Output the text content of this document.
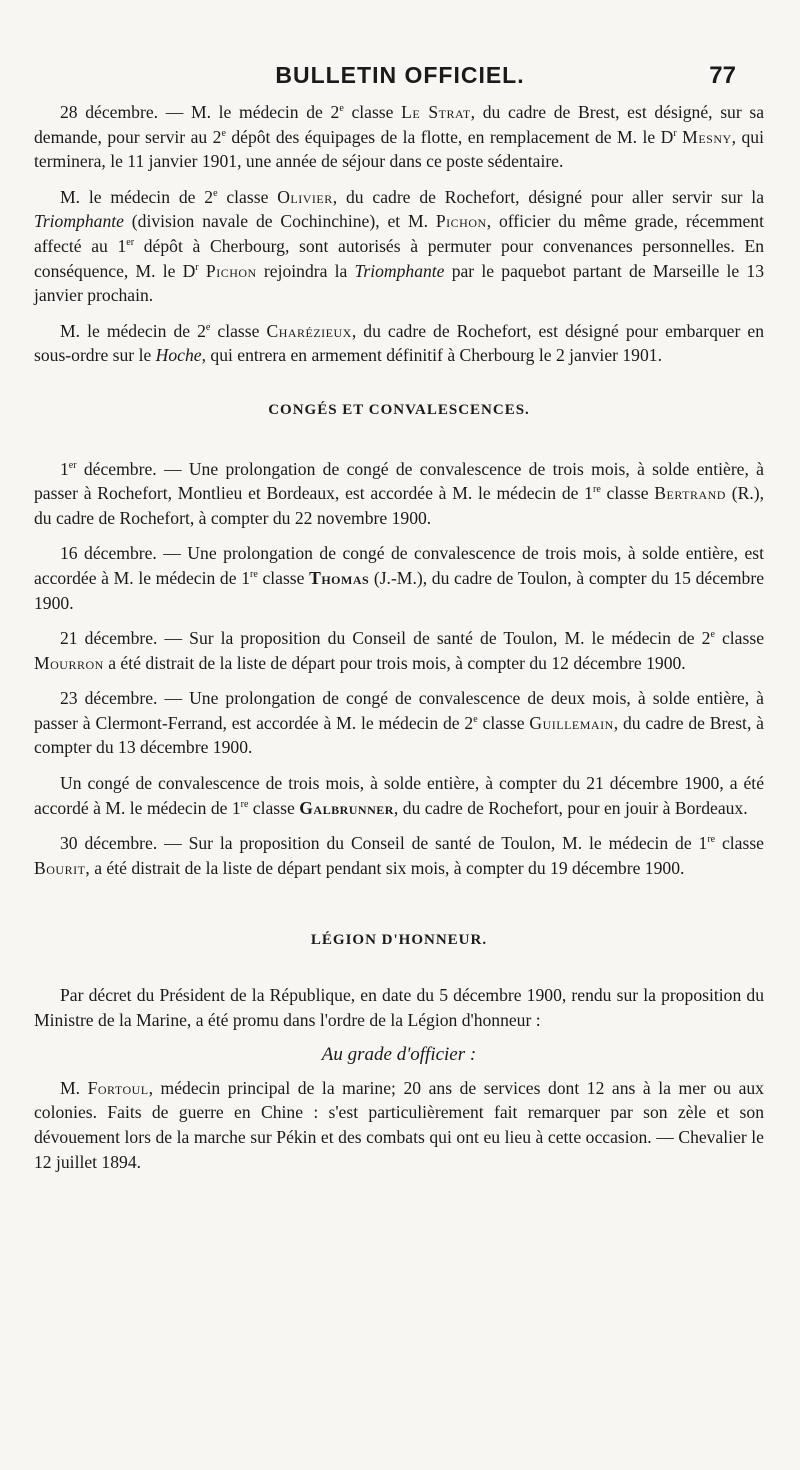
BULLETIN OFFICIEL.	77

28 décembre. — M. le médecin de 2e classe Le Strat, du cadre de Brest, est désigné, sur sa demande, pour servir au 2e dépôt des équipages de la flotte, en remplacement de M. le $D^r$ Mesny, qui terminera, le 11 janvier 1901, une année de séjour dans ce poste sédentaire.

M. le médecin de 2e classe Olivier, du cadre de Rochefort, désigné pour aller servir sur la Triomphante (division navale de Cochinchine), et M. Pichon, officier du même grade, récemment affecté au 1er dépôt à Cherbourg, sont autorisés à permuter pour convenances personnelles. En conséquence, M. le $D^r$ Pichon rejoindra la Triomphante par le paquebot partant de Marseille le 13 janvier prochain.

M. le médecin de 2e classe Charézieux, du cadre de Rochefort, est désigné pour embarquer en sous-ordre sur le Hoche, qui entrera en armement définitif à Cherbourg le 2 janvier 1901.

CONGÉS ET CONVALESCENCES.

1er décembre. — Une prolongation de congé de convalescence de trois mois, à solde entière, à passer à Rochefort, Montlieu et Bordeaux, est accordée à M. le médecin de 1re classe Bertrand (R.), du cadre de Rochefort, à compter du 22 novembre 1900.

16 décembre. — Une prolongation de congé de convalescence de trois mois, à solde entière, est accordée à M. le médecin de 1re classe Thomas (J.-M.), du cadre de Toulon, à compter du 15 décembre 1900.

21 décembre. — Sur la proposition du Conseil de santé de Toulon, M. le médecin de 2e classe Mourron a été distrait de la liste de départ pour trois mois, à compter du 12 décembre 1900.

23 décembre. — Une prolongation de congé de convalescence de deux mois, à solde entière, à passer à Clermont-Ferrand, est accordée à M. le médecin de 2e classe Guillemain, du cadre de Brest, à compter du 13 décembre 1900.

Un congé de convalescence de trois mois, à solde entière, à compter du 21 décembre 1900, a été accordé à M. le médecin de 1re classe Galbrunner, du cadre de Rochefort, pour en jouir à Bordeaux.

30 décembre. — Sur la proposition du Conseil de santé de Toulon, M. le médecin de 1re classe Bourit, a été distrait de la liste de départ pendant six mois, à compter du 19 décembre 1900.

LÉGION D'HONNEUR.

Par décret du Président de la République, en date du 5 décembre 1900, rendu sur la proposition du Ministre de la Marine, a été promu dans l'ordre de la Légion d'honneur :

Au grade d'officier :

M. Fortoul, médecin principal de la marine; 20 ans de services dont 12 ans à la mer ou aux colonies. Faits de guerre en Chine : s'est particulièrement fait remarquer par son zèle et son dévouement lors de la marche sur Pékin et des combats qui ont eu lieu à cette occasion. — Chevalier le 12 juillet 1894.
